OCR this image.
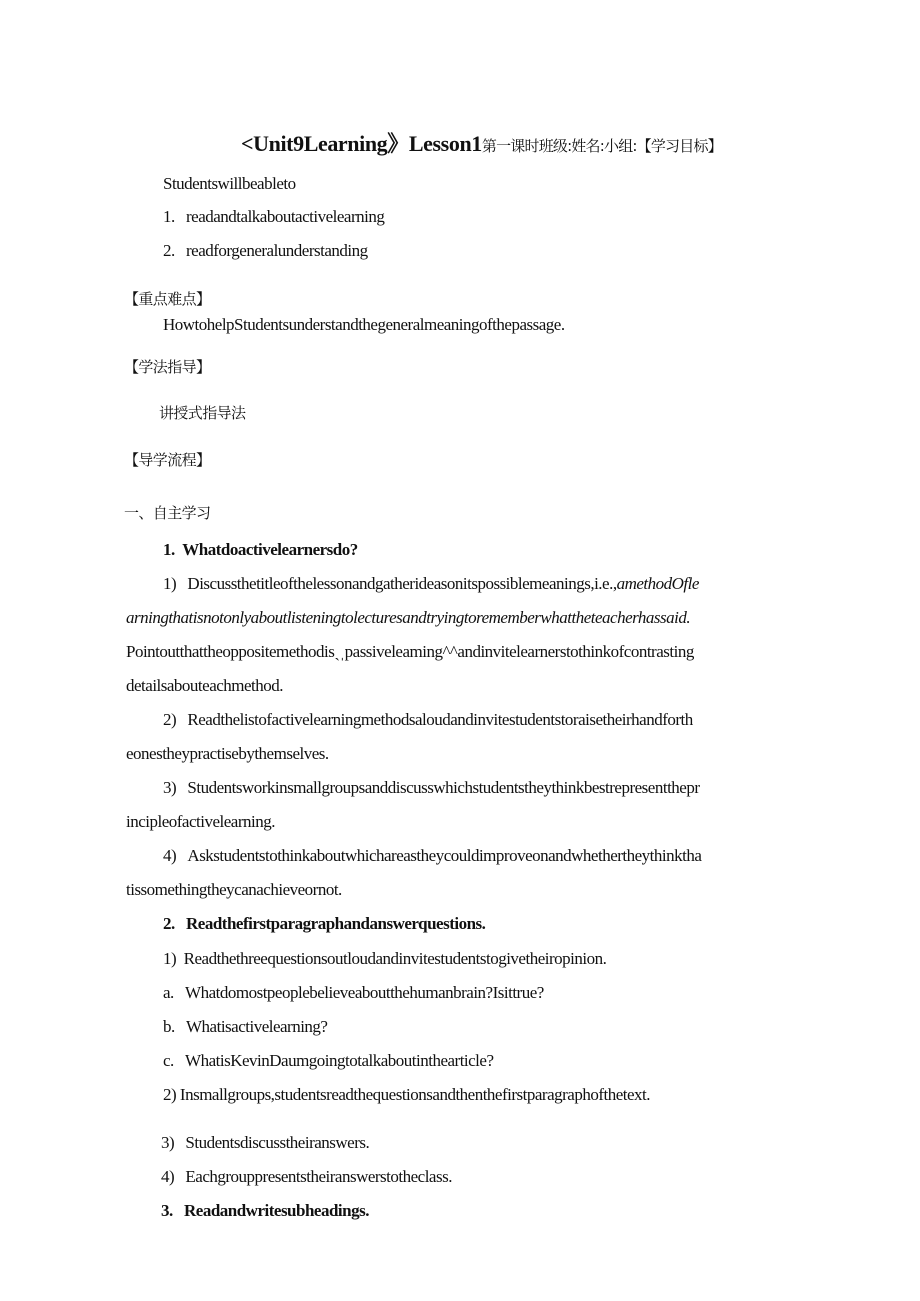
<Unit9Learning》Lesson1第一课时班级:姓名:小组:【学习目标】
Studentswillbeableto
1. readandtalkaboutactivelearning
2. readforgeneralunderstanding
【重点难点】
HowtohelpStudentsunderstandthegeneralmeaningofthepassage.
【学法指导】
讲授式指导法
【导学流程】
一、自主学习
1.  Whatdoactivelearnersdo?
1)   Discussthetitleofthelessonandgatherideasonitspossiblemeanings,i.e.,amethodOfle
arningthatisnotonlyaboutlisteningtolecturesandtryingtorememberwhattheteacherhassaid.
Pointoutthattheoppositemethodisˎˌpassiveleaming^^andinvitelearnerstothinkofcontrasting
detailsabouteachmethod.
2)   Readthelistofactivelearningmethodsaloudandinvitestudentstoraisetheirhandforth
eonestheypractisebythemselves.
3)   Studentsworkinsmallgroupsanddiscusswhichstudentstheythinkbestrepresentthepr
incipleofactivelearning.
4)   Askstudentstothinkaboutwhichareastheycouldimproveonandwhethertheythinktha
tissomethingtheycanachieveornot.
2.   Readthefirstparagraphandanswerquestions.
1)  Readthethreequestionsoutloudandinvitestudentstogivetheiropinion.
a.   Whatdomostpeoplebelieveaboutthehumanbrain?Isittrue?
b.   Whatisactivelearning?
c.   WhatisKevinDaumgoingtotalkaboutinthearticle?
2) Insmallgroups,studentsreadthequestionsandthenthefirstparagraphofthetext.
3)   Studentsdiscusstheiranswers.
4)   Eachgrouppresentstheiranswerstotheclass.
3.   Readandwritesubheadings.
